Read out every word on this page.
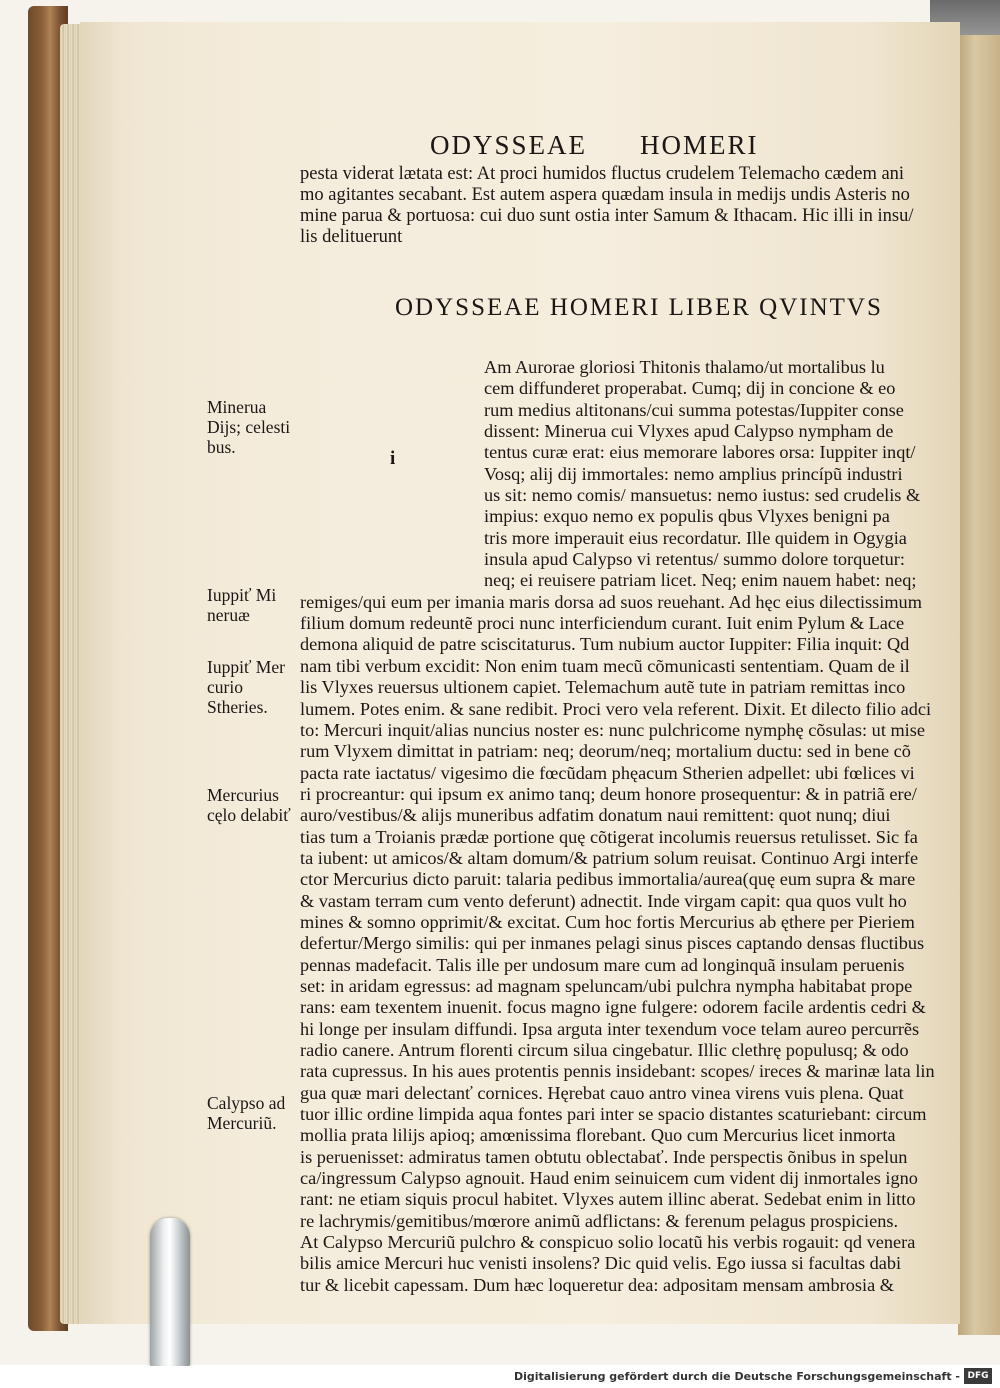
ODYSSEAE HOMERI
pesta viderat lætata est: At proci humidos fluctus crudelem Telemacho cædem ani
mo agitantes secabant. Est autem aspera quædam insula in medijs undis Asteris no
mine parua & portuosa: cui duo sunt ostia inter Samum & Ithacam. Hic illi in insu/
lis delituerunt
ODYSSEAE HOMERI LIBER QVINTVS
i
Am Aurorae gloriosi Thitonis thalamo/ut mortalibus lu
cem diffunderet properabat. Cumq; dij in concione & eo
rum medius altitonans/cui summa potestas/Iuppiter conse
dissent: Minerua cui Vlyxes apud Calypso nympham de
tentus curæ erat: eius memorare labores orsa: Iuppiter inqt/
Vosq; alij dij immortales: nemo amplius princípũ industri
us sit: nemo comis/ mansuetus: nemo iustus: sed crudelis &
impius: exquo nemo ex populis qbus Vlyxes benigni pa
tris more imperauit eius recordatur. Ille quidem in Ogygia
insula apud Calypso vi retentus/ summo dolore torquetur:
neq; ei reuisere patriam licet. Neq; enim nauem habet: neq;
remiges/qui eum per imania maris dorsa ad suos reuehant. Ad hęc eius dilectissimum
filium domum redeuntẽ proci nunc interficiendum curant. Iuit enim Pylum & Lace
demona aliquid de patre sciscitaturus. Tum nubium auctor Iuppiter: Filia inquit: Qd
nam tibi verbum excidit: Non enim tuam mecũ cõmunicasti sententiam. Quam de il
lis Vlyxes reuersus ultionem capiet. Telemachum autẽ tute in patriam remittas inco
lumem. Potes enim. & sane redibit. Proci vero vela referent. Dixit. Et dilecto filio adci
to: Mercuri inquit/alias nuncius noster es: nunc pulchricome nymphę cõsulas: ut mise
rum Vlyxem dimittat in patriam: neq; deorum/neq; mortalium ductu: sed in bene cõ
pacta rate iactatus/ vigesimo die fœcũdam phęacum Stherien adpellet: ubi fœlices vi
ri procreantur: qui ipsum ex animo tanq; deum honore prosequentur: & in patriã ere/
auro/vestibus/& alijs muneribus adfatim donatum naui remittent: quot nunq; diui
tias tum a Troianis prædæ portione quę cõtigerat incolumis reuersus retulisset. Sic fa
ta iubent: ut amicos/& altam domum/& patrium solum reuisat. Continuo Argi interfe
ctor Mercurius dicto paruit: talaria pedibus immortalia/aurea(quę eum supra & mare
& vastam terram cum vento deferunt) adnectit. Inde virgam capit: qua quos vult ho
mines & somno opprimit/& excitat. Cum hoc fortis Mercurius ab ęthere per Pieriem
defertur/Mergo similis: qui per inmanes pelagi sinus pisces captando densas fluctibus
pennas madefacit. Talis ille per undosum mare cum ad longinquã insulam peruenis
set: in aridam egressus: ad magnam speluncam/ubi pulchra nympha habitabat prope
rans: eam texentem inuenit. focus magno igne fulgere: odorem facile ardentis cedri &
hi longe per insulam diffundi. Ipsa arguta inter texendum voce telam aureo percurrẽs
radio canere. Antrum florenti circum silua cingebatur. Illic clethrę populusq; & odo
rata cupressus. In his aues protentis pennis insidebant: scopes/ ireces & marinæ lata lin
gua quæ mari delectanť cornices. Hęrebat cauo antro vinea virens vuis plena. Quat
tuor illic ordine limpida aqua fontes pari inter se spacio distantes scaturiebant: circum
mollia prata lilijs apioq; amœnissima florebant. Quo cum Mercurius licet inmorta
is peruenisset: admiratus tamen obtutu oblectabať. Inde perspectis õnibus in spelun
ca/ingressum Calypso agnouit. Haud enim seinuicem cum vident dij inmortales igno
rant: ne etiam siquis procul habitet. Vlyxes autem illinc aberat. Sedebat enim in litto
re lachrymis/gemitibus/mœrore animũ adflictans: & ferenum pelagus prospiciens.
At Calypso Mercuriũ pulchro & conspicuo solio locatũ his verbis rogauit: qd venera
bilis amice Mercuri huc venisti insolens? Dic quid velis. Ego iussa si facultas dabi
tur & licebit capessam. Dum hæc loqueretur dea: adpositam mensam ambrosia &
Minerua
Dijs; celesti
bus.
Iuppiť Mi
neruæ
Iuppiť Mer
curio
Stheries.
Mercurius
cęlo delabiť
Calypso ad
Mercuriũ.
Digitalisierung gefördert durch die Deutsche Forschungsgemeinschaft - DFG
